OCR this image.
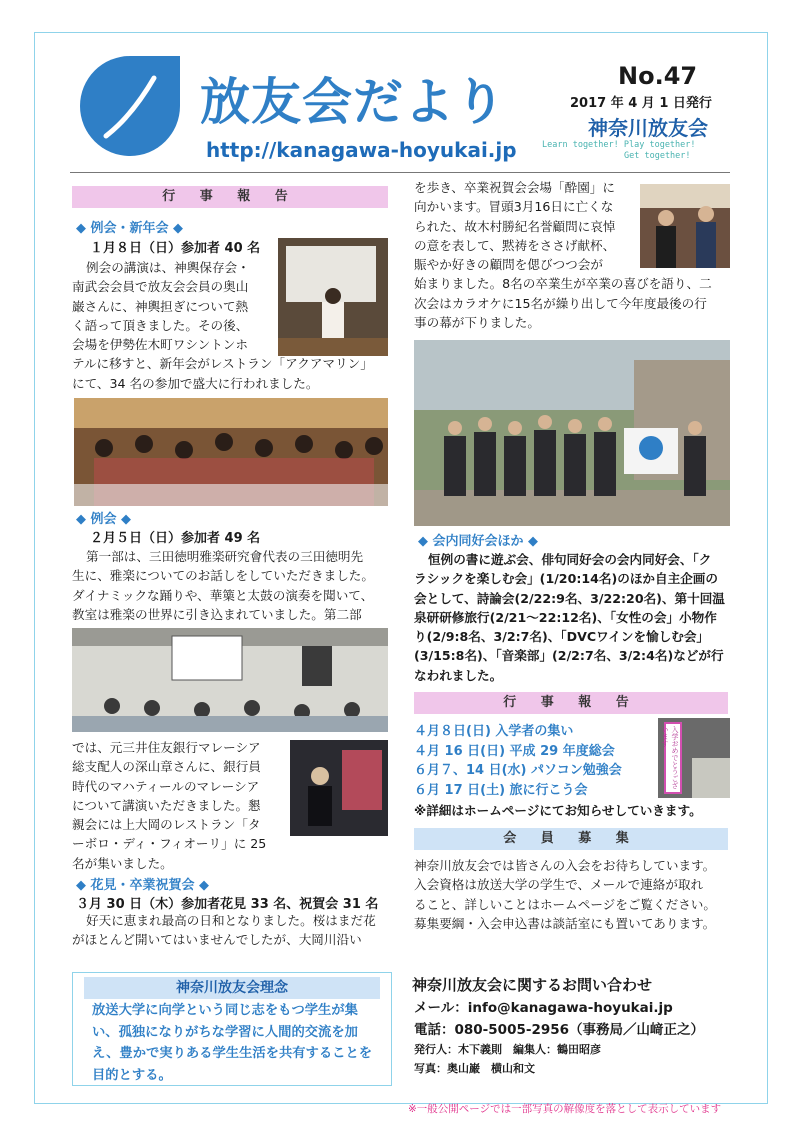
放友会だより
http://kanagawa-hoyukai.jp
No.47
2017 年 4 月 1 日発行
神奈川放友会
Learn together! Play together!
Get together!
行 事 報 告
◆ 例会・新年会 ◆
１月８日（日）参加者 40 名
例会の講演は、神輿保存会・
南武会会員で放友会会員の奥山
巌さんに、神輿担ぎについて熱
く語って頂きました。その後、
会場を伊勢佐木町ワシントンホ
テルに移すと、新年会がレストラン「アクアマリン」
にて、34 名の参加で盛大に行われました。
◆ 例会 ◆
２月５日（日）参加者 49 名
第一部は、三田徳明雅楽研究會代表の三田徳明先
生に、雅楽についてのお話しをしていただきました。
ダイナミックな踊りや、華篥と太鼓の演奏を聞いて、
教室は雅楽の世界に引き込まれていました。第二部
では、元三井住友銀行マレーシア
総支配人の深山章さんに、銀行員
時代のマハティールのマレーシア
について講演いただきました。懇
親会には上大岡のレストラン「タ
ーボロ・ディ・フィオーリ」に 25
名が集いました。
◆ 花見・卒業祝賀会 ◆
３月 30 日（木）参加者花見 33 名、祝賀会 31 名
好天に恵まれ最高の日和となりました。桜はまだ花
がほとんど開いてはいませんでしたが、大岡川沿い
を歩き、卒業祝賀会会場「酔園」に
向かいます。冒頭3月16日に亡くな
られた、故木村勝紀名誉顧問に哀悼
の意を表して、黙祷をささげ献杯、
賑やか好きの顧問を偲びつつ会が
始まりました。8名の卒業生が卒業の喜びを語り、二
次会はカラオケに15名が繰り出して今年度最後の行
事の幕が下りました。
◆ 会内同好会ほか ◆
恒例の書に遊ぶ会、俳句同好会の会内同好会、「ク
ラシックを楽しむ会」(1/20:14名)のほか自主企画の
会として、詩論会(2/22:9名、3/22:20名)、第十回温
泉研研修旅行(2/21～22:12名)、「女性の会」小物作
り(2/9:8名、3/2:7名)、「DVCワインを愉しむ会」
(3/15:8名)、「音楽部」(2/2:7名、3/2:4名)などが行
なわれました。
行 事 報 告
４月８日(日) 入学者の集い
４月 16 日(日) 平成 29 年度総会
６月７、14 日(水) パソコン勉強会
６月 17 日(土) 旅に行こう会
※詳細はホームページにてお知らせしていきます。
入学おめでとうございます
会 員 募 集
神奈川放友会では皆さんの入会をお待ちしています。
入会資格は放送大学の学生で、メールで連絡が取れ
ること、詳しいことはホームページをご覧ください。
募集要綱・入会申込書は談話室にも置いてあります。
神奈川放友会理念
放送大学に向学という同じ志をもつ学生が集
い、孤独になりがちな学習に人間的交流を加
え、豊かで実りある学生生活を共有することを
目的とする。
神奈川放友会に関するお問い合わせ
メール：info@kanagawa-hoyukai.jp
電話：080-5005-2956（事務局／山﨑正之）
発行人：木下義則　編集人：鶴田昭彦
写真：奥山巌　横山和文
※一般公開ページでは一部写真の解像度を落として表示しています
